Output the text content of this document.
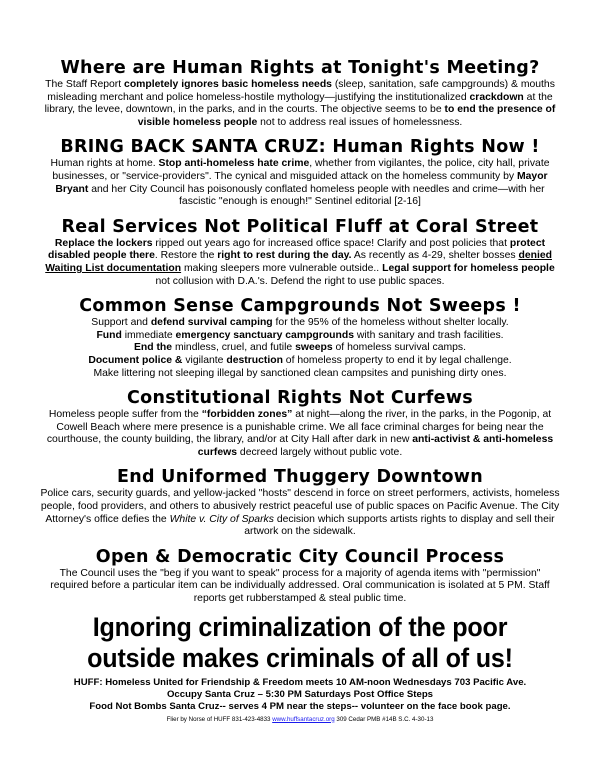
Where are Human Rights at Tonight's Meeting?

The Staff Report completely ignores basic homeless needs (sleep, sanitation, safe campgrounds) & mouths misleading merchant and police homeless-hostile mythology—justifying the institutionalized crackdown at the library, the levee, downtown, in the parks, and in the courts. The objective seems to be to end the presence of visible homeless people not to address real issues of homelessness.

BRING BACK SANTA CRUZ: Human Rights Now !

Human rights at home. Stop anti-homeless hate crime, whether from vigilantes, the police, city hall, private businesses, or "service-providers". The cynical and misguided attack on the homeless community by Mayor Bryant and her City Council has poisonously conflated homeless people with needles and crime—with her fascistic "enough is enough!" Sentinel editorial [2-16]

Real Services Not Political Fluff at Coral Street

Replace the lockers ripped out years ago for increased office space! Clarify and post policies that protect disabled people there. Restore the right to rest during the day. As recently as 4-29, shelter bosses denied Waiting List documentation making sleepers more vulnerable outside.. Legal support for homeless people not collusion with D.A.'s. Defend the right to use public spaces.

Common Sense Campgrounds Not Sweeps !

Support and defend survival camping for the 95% of the homeless without shelter locally.
Fund immediate emergency sanctuary campgrounds with sanitary and trash facilities.
End the mindless, cruel, and futile sweeps of homeless survival camps.
Document police & vigilante destruction of homeless property to end it by legal challenge.
Make littering not sleeping illegal by sanctioned clean campsites and punishing dirty ones.

Constitutional Rights Not Curfews

Homeless people suffer from the “forbidden zones” at night—along the river, in the parks, in the Pogonip, at Cowell Beach where mere presence is a punishable crime. We all face criminal charges for being near the courthouse, the county building, the library, and/or at City Hall after dark in new anti-activist & anti-homeless curfews decreed largely without public vote.

End Uniformed Thuggery Downtown

Police cars, security guards, and yellow-jacked "hosts" descend in force on street performers, activists, homeless people, food providers, and others to abusively restrict peaceful use of public spaces on Pacific Avenue. The City Attorney's office defies the White v. City of Sparks decision which supports artists rights to display and sell their artwork on the sidewalk.

Open & Democratic City Council Process

The Council uses the "beg if you want to speak" process for a majority of agenda items with "permission" required before a particular item can be individually addressed. Oral communication is isolated at 5 PM. Staff reports get rubberstamped & steal public time.

Ignoring criminalization of the poor
outside makes criminals of all of us!
HUFF: Homeless United for Friendship & Freedom meets 10 AM-noon Wednesdays 703 Pacific Ave.
Occupy Santa Cruz – 5:30 PM Saturdays Post Office Steps
Food Not Bombs Santa Cruz-- serves 4 PM near the steps-- volunteer on the face book page.
Flier by Norse of HUFF 831-423-4833 www.huffsantacruz.org 309 Cedar PMB #14B S.C. 4-30-13
